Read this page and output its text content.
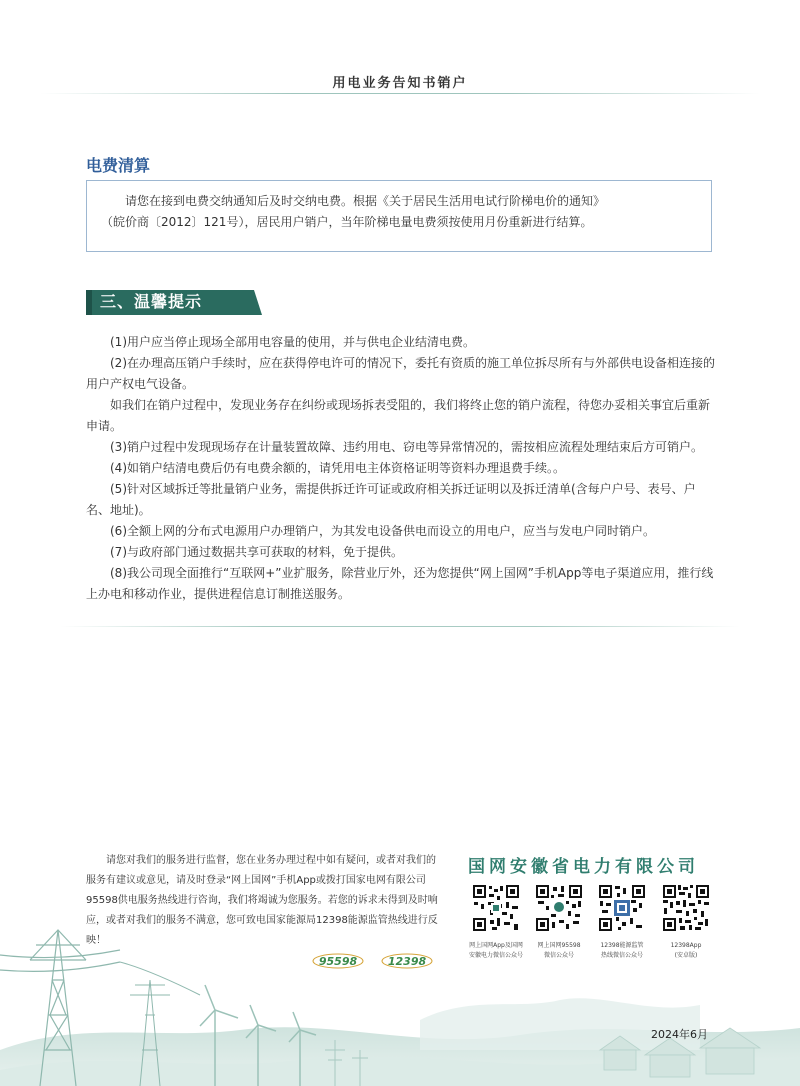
用电业务告知书销户
电费清算

请您在接到电费交纳通知后及时交纳电费。根据《关于居民生活用电试行阶梯电价的通知》

（皖价商〔2012〕121号），居民用户销户，当年阶梯电量电费须按使用月份重新进行结算。

三、温馨提示

(1)用户应当停止现场全部用电容量的使用，并与供电企业结清电费。

(2)在办理高压销户手续时，应在获得停电许可的情况下，委托有资质的施工单位拆尽所有与外部供电设备相连接的用户产权电气设备。

如我们在销户过程中，发现业务存在纠纷或现场拆表受阻的，我们将终止您的销户流程，待您办妥相关事宜后重新申请。

(3)销户过程中发现现场存在计量装置故障、违约用电、窃电等异常情况的，需按相应流程处理结束后方可销户。

(4)如销户结清电费后仍有电费余额的，请凭用电主体资格证明等资料办理退费手续。。

(5)针对区域拆迁等批量销户业务，需提供拆迁许可证或政府相关拆迁证明以及拆迁清单(含每户户号、表号、户名、地址)。

(6)全额上网的分布式电源用户办理销户，为其发电设备供电而设立的用电户，应当与发电户同时销户。

(7)与政府部门通过数据共享可获取的材料，免于提供。

(8)我公司现全面推行“互联网+”业扩服务，除营业厅外，还为您提供“网上国网”手机App等电子渠道应用，推行线上办电和移动作业，提供进程信息订制推送服务。

请您对我们的服务进行监督，您在业务办理过程中如有疑问，或者对我们的服务有建议或意见，请及时登录“网上国网”手机App或拨打国家电网有限公司95598供电服务热线进行咨询，我们将竭诚为您服务。若您的诉求未得到及时响应，或者对我们的服务不满意，您可致电国家能源局12398能源监管热线进行反映！
国网安徽省电力有限公司
网上国网App及国网
安徽电力微信公众号
网上国网95598
微信公众号
12398能源监管
热线微信公众号
12398App
(安卓版)
95598	12398
2024年6月
